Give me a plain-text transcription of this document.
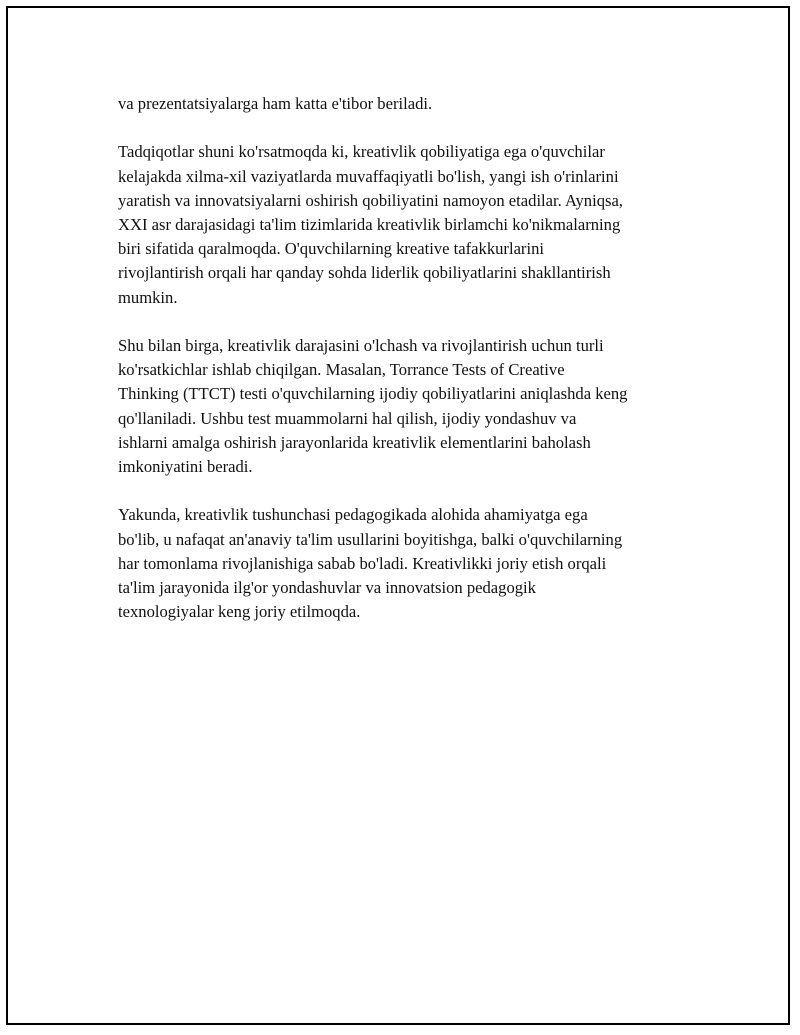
va prezentatsiyalarga ham katta e'tibor beriladi.

Tadqiqotlar shuni ko'rsatmoqda ki, kreativlik qobiliyatiga ega o'quvchilar
kelajakda xilma-xil vaziyatlarda muvaffaqiyatli bo'lish, yangi ish o'rinlarini
yaratish va innovatsiyalarni oshirish qobiliyatini namoyon etadilar. Ayniqsa,
XXI asr darajasidagi ta'lim tizimlarida kreativlik birlamchi ko'nikmalarning
biri sifatida qaralmoqda. O'quvchilarning kreative tafakkurlarini
rivojlantirish orqali har qanday sohda liderlik qobiliyatlarini shakllantirish
mumkin.

Shu bilan birga, kreativlik darajasini o'lchash va rivojlantirish uchun turli
ko'rsatkichlar ishlab chiqilgan. Masalan, Torrance Tests of Creative
Thinking (TTCT) testi o'quvchilarning ijodiy qobiliyatlarini aniqlashda keng
qo'llaniladi. Ushbu test muammolarni hal qilish, ijodiy yondashuv va
ishlarni amalga oshirish jarayonlarida kreativlik elementlarini baholash
imkoniyatini beradi.

Yakunda, kreativlik tushunchasi pedagogikada alohida ahamiyatga ega
bo'lib, u nafaqat an'anaviy ta'lim usullarini boyitishga, balki o'quvchilarning
har tomonlama rivojlanishiga sabab bo'ladi. Kreativlikki joriy etish orqali
ta'lim jarayonida ilg'or yondashuvlar va innovatsion pedagogik
texnologiyalar keng joriy etilmoqda.
